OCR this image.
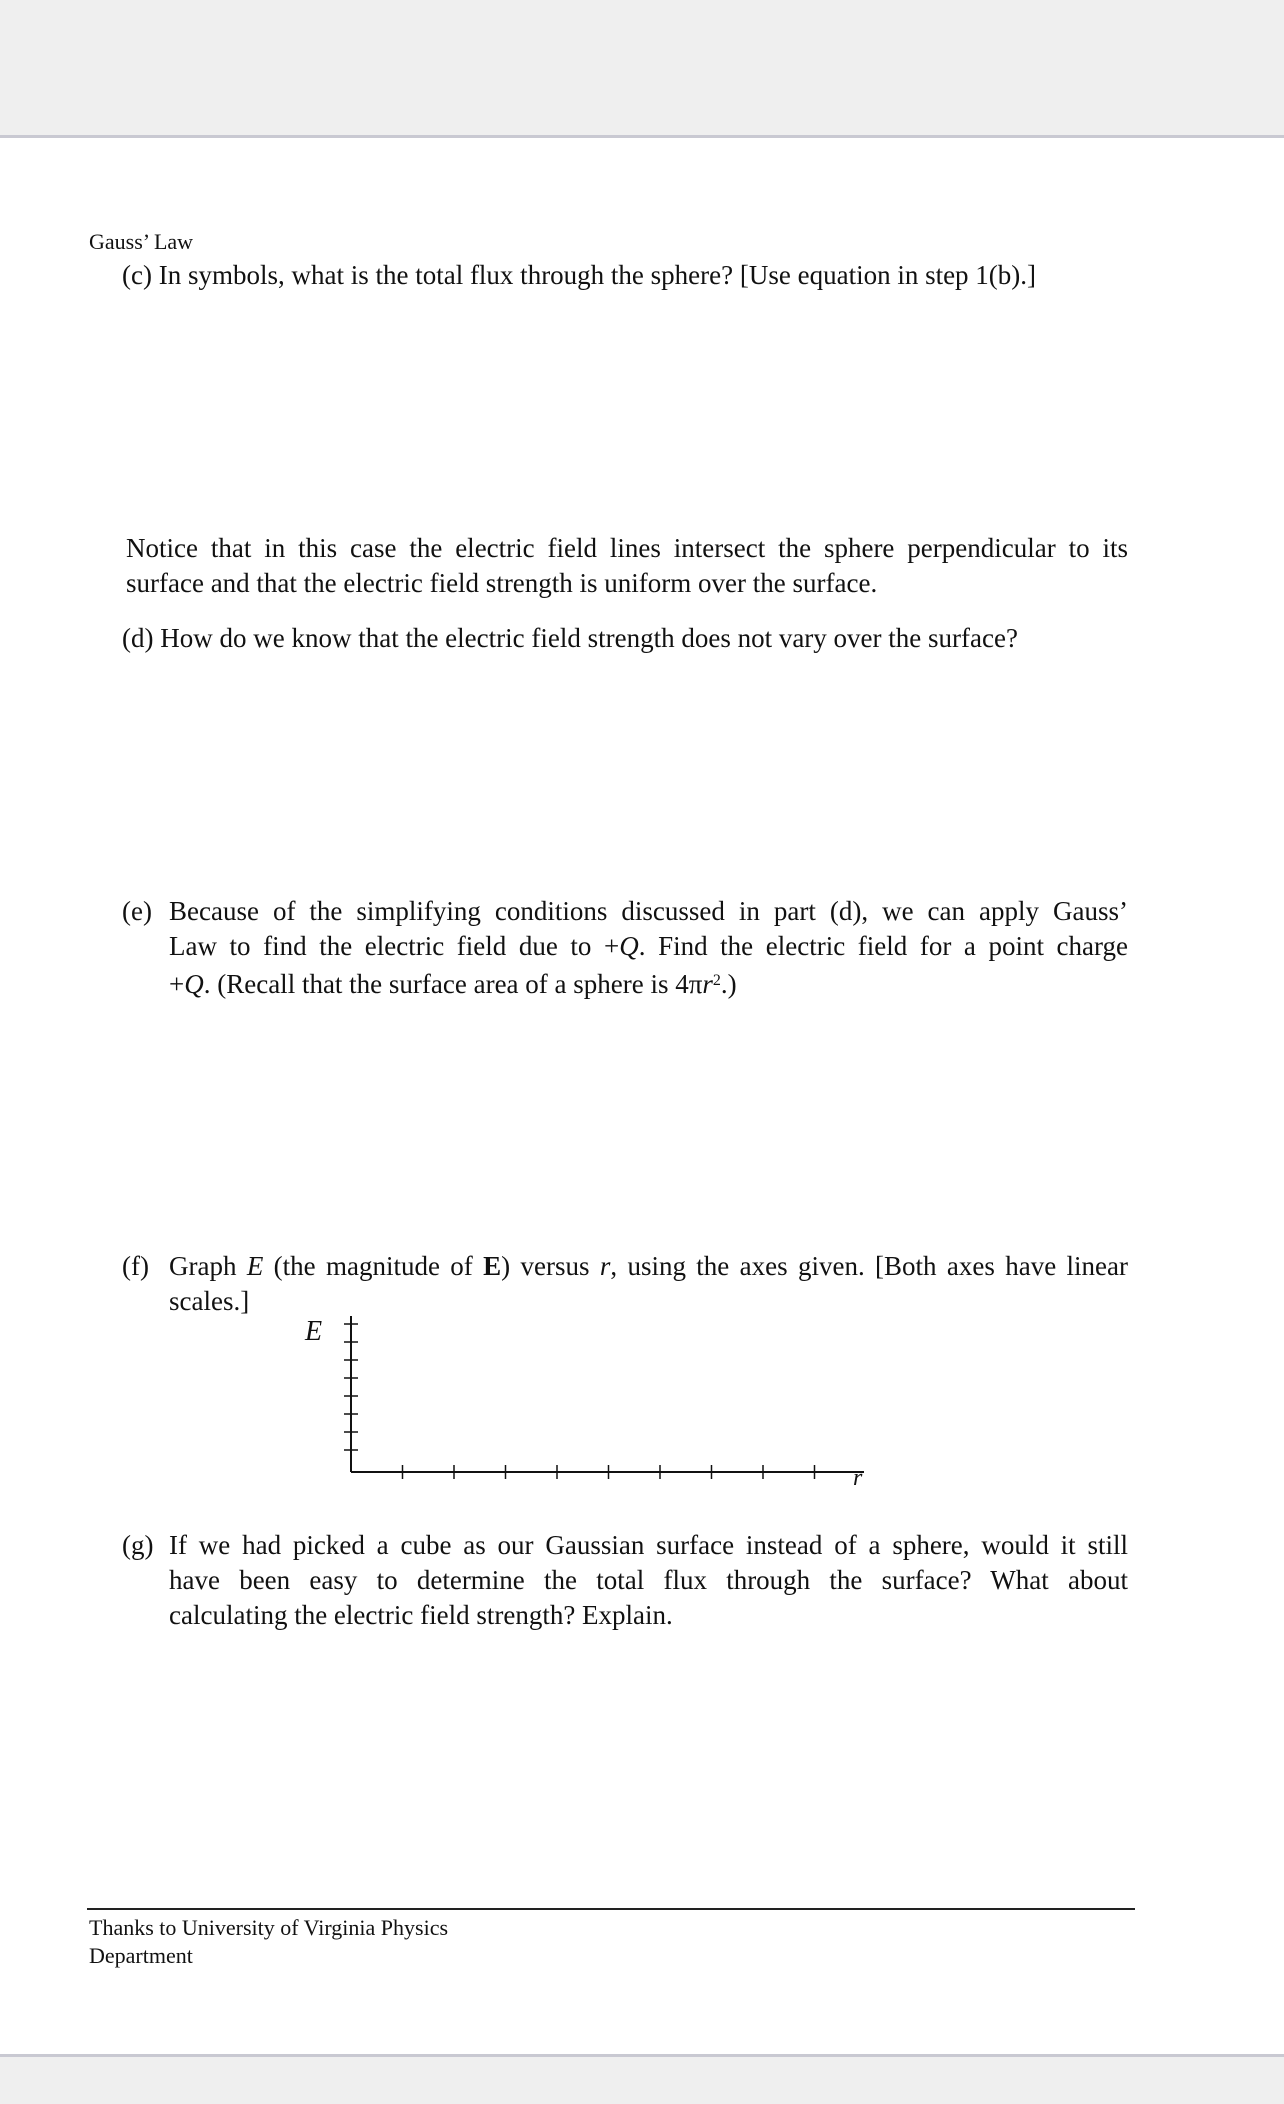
Gauss’ Law
(c) In symbols, what is the total flux through the sphere? [Use equation in step 1(b).]
Notice that in this case the electric field lines intersect the sphere perpendicular to its
surface and that the electric field strength is uniform over the surface.
(d) How do we know that the electric field strength does not vary over the surface?
(e) Because of the simplifying conditions discussed in part (d), we can apply Gauss’
Law to find the electric field due to +Q. Find the electric field for a point charge
+Q. (Recall that the surface area of a sphere is $4\pi r^2$.)
(f) Graph E (the magnitude of E) versus r, using the axes given. [Both axes have linear
scales.]
E
r
(g) If we had picked a cube as our Gaussian surface instead of a sphere, would it still
have been easy to determine the total flux through the surface? What about
calculating the electric field strength? Explain.
Thanks to University of Virginia Physics
Department
